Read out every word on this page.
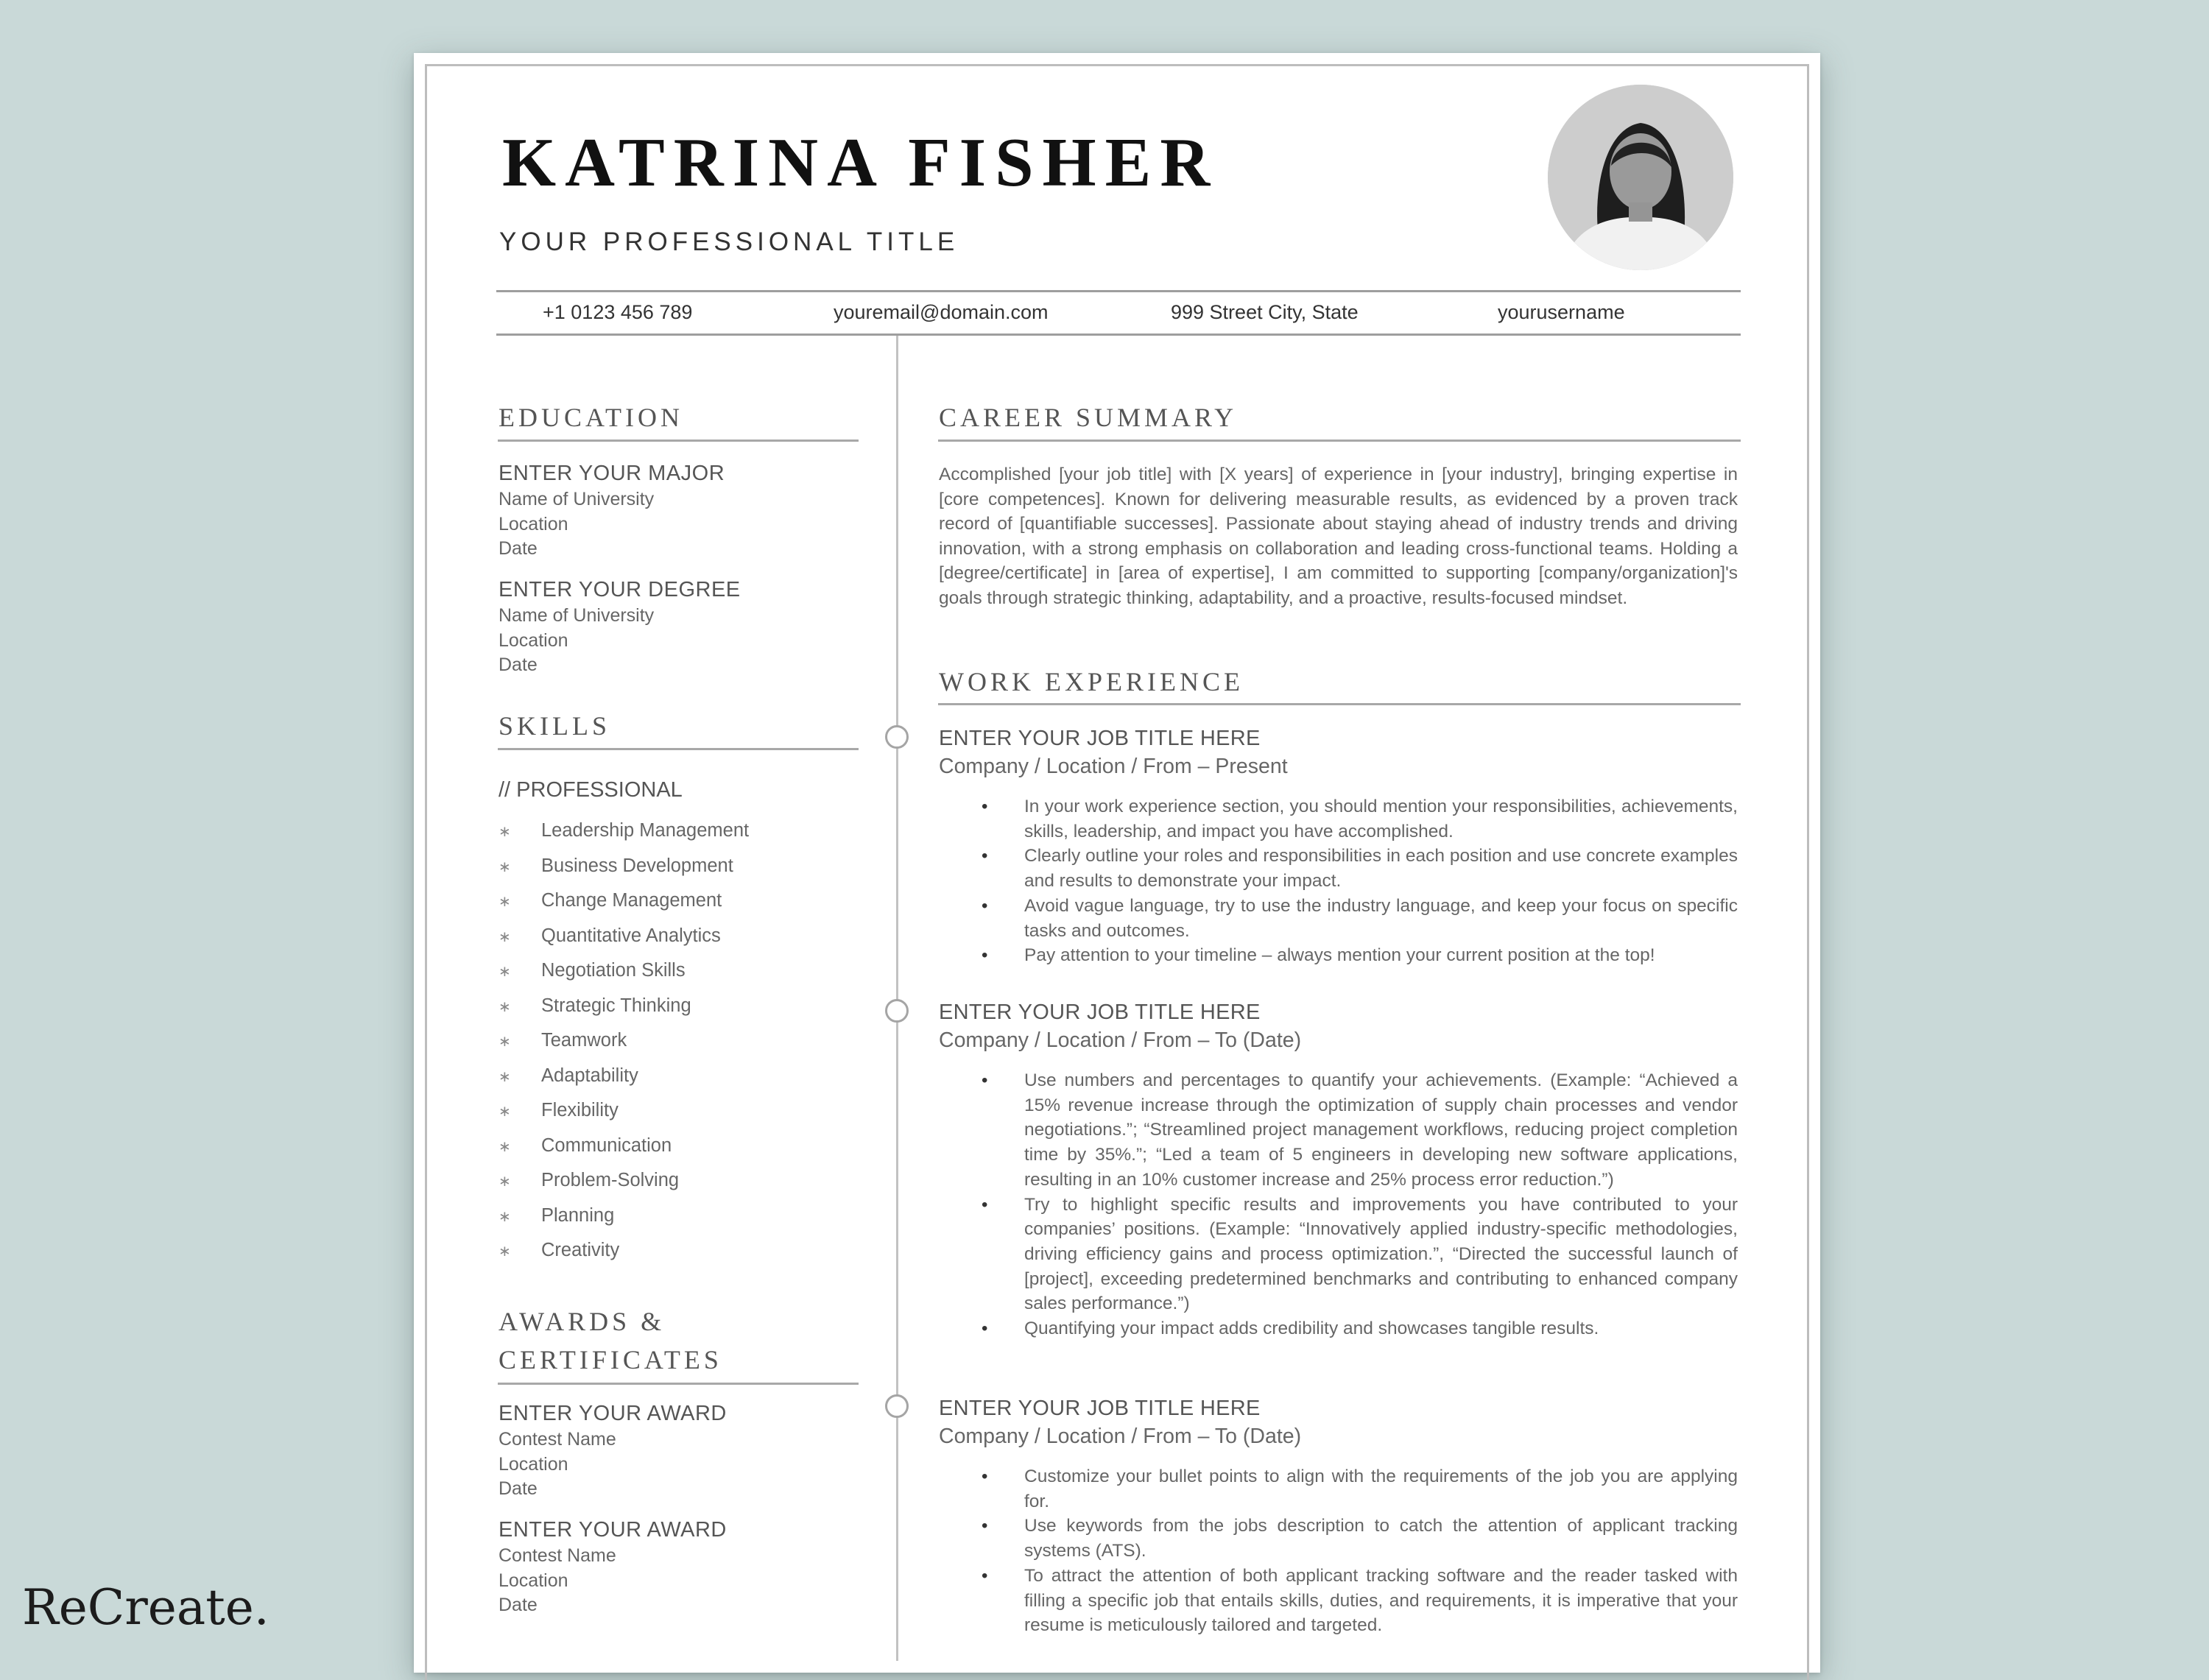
KATRINA FISHER
YOUR PROFESSIONAL TITLE
+1 0123 456 789	youremail@domain.com	999 Street City, State	yourusername
EDUCATION
ENTER YOUR MAJOR
Name of University
Location
Date
ENTER YOUR DEGREE
Name of University
Location
Date
SKILLS
// PROFESSIONAL
∗ Leadership Management
∗ Business Development
∗ Change Management
∗ Quantitative Analytics
∗ Negotiation Skills
∗ Strategic Thinking
∗ Teamwork
∗ Adaptability
∗ Flexibility
∗ Communication
∗ Problem-Solving
∗ Planning
∗ Creativity
AWARDS &
CERTIFICATES
ENTER YOUR AWARD
Contest Name
Location
Date
ENTER YOUR AWARD
Contest Name
Location
Date
CAREER SUMMARY

Accomplished [your job title] with [X years] of experience in [your industry], bringing expertise in [core competences]. Known for delivering measurable results, as evidenced by a proven track record of [quantifiable successes]. Passionate about staying ahead of industry trends and driving innovation, with a strong emphasis on collaboration and leading cross-functional teams. Holding a [degree/certificate] in [area of expertise], I am committed to supporting [company/organization]'s goals through strategic thinking, adaptability, and a proactive, results-focused mindset.

WORK EXPERIENCE
ENTER YOUR JOB TITLE HERE
Company / Location / From – Present
• In your work experience section, you should mention your responsibilities, achievements, skills, leadership, and impact you have accomplished.
• Clearly outline your roles and responsibilities in each position and use concrete examples and results to demonstrate your impact.
• Avoid vague language, try to use the industry language, and keep your focus on specific tasks and outcomes.
• Pay attention to your timeline – always mention your current position at the top!
ENTER YOUR JOB TITLE HERE
Company / Location / From – To (Date)
• Use numbers and percentages to quantify your achievements. (Example: “Achieved a 15% revenue increase through the optimization of supply chain processes and vendor negotiations.”; “Streamlined project management workflows, reducing project completion time by 35%.”; “Led a team of 5 engineers in developing new software applications, resulting in an 10% customer increase and 25% process error reduction.”)
• Try to highlight specific results and improvements you have contributed to your companies’ positions. (Example: “Innovatively applied industry-specific methodologies, driving efficiency gains and process optimization.”, “Directed the successful launch of [project], exceeding predetermined benchmarks and contributing to enhanced company sales performance.”)
• Quantifying your impact adds credibility and showcases tangible results.
ENTER YOUR JOB TITLE HERE
Company / Location / From – To (Date)
• Customize your bullet points to align with the requirements of the job you are applying for.
• Use keywords from the jobs description to catch the attention of applicant tracking systems (ATS).
• To attract the attention of both applicant tracking software and the reader tasked with filling a specific job that entails skills, duties, and requirements, it is imperative that your resume is meticulously tailored and targeted.
ReCreate.
